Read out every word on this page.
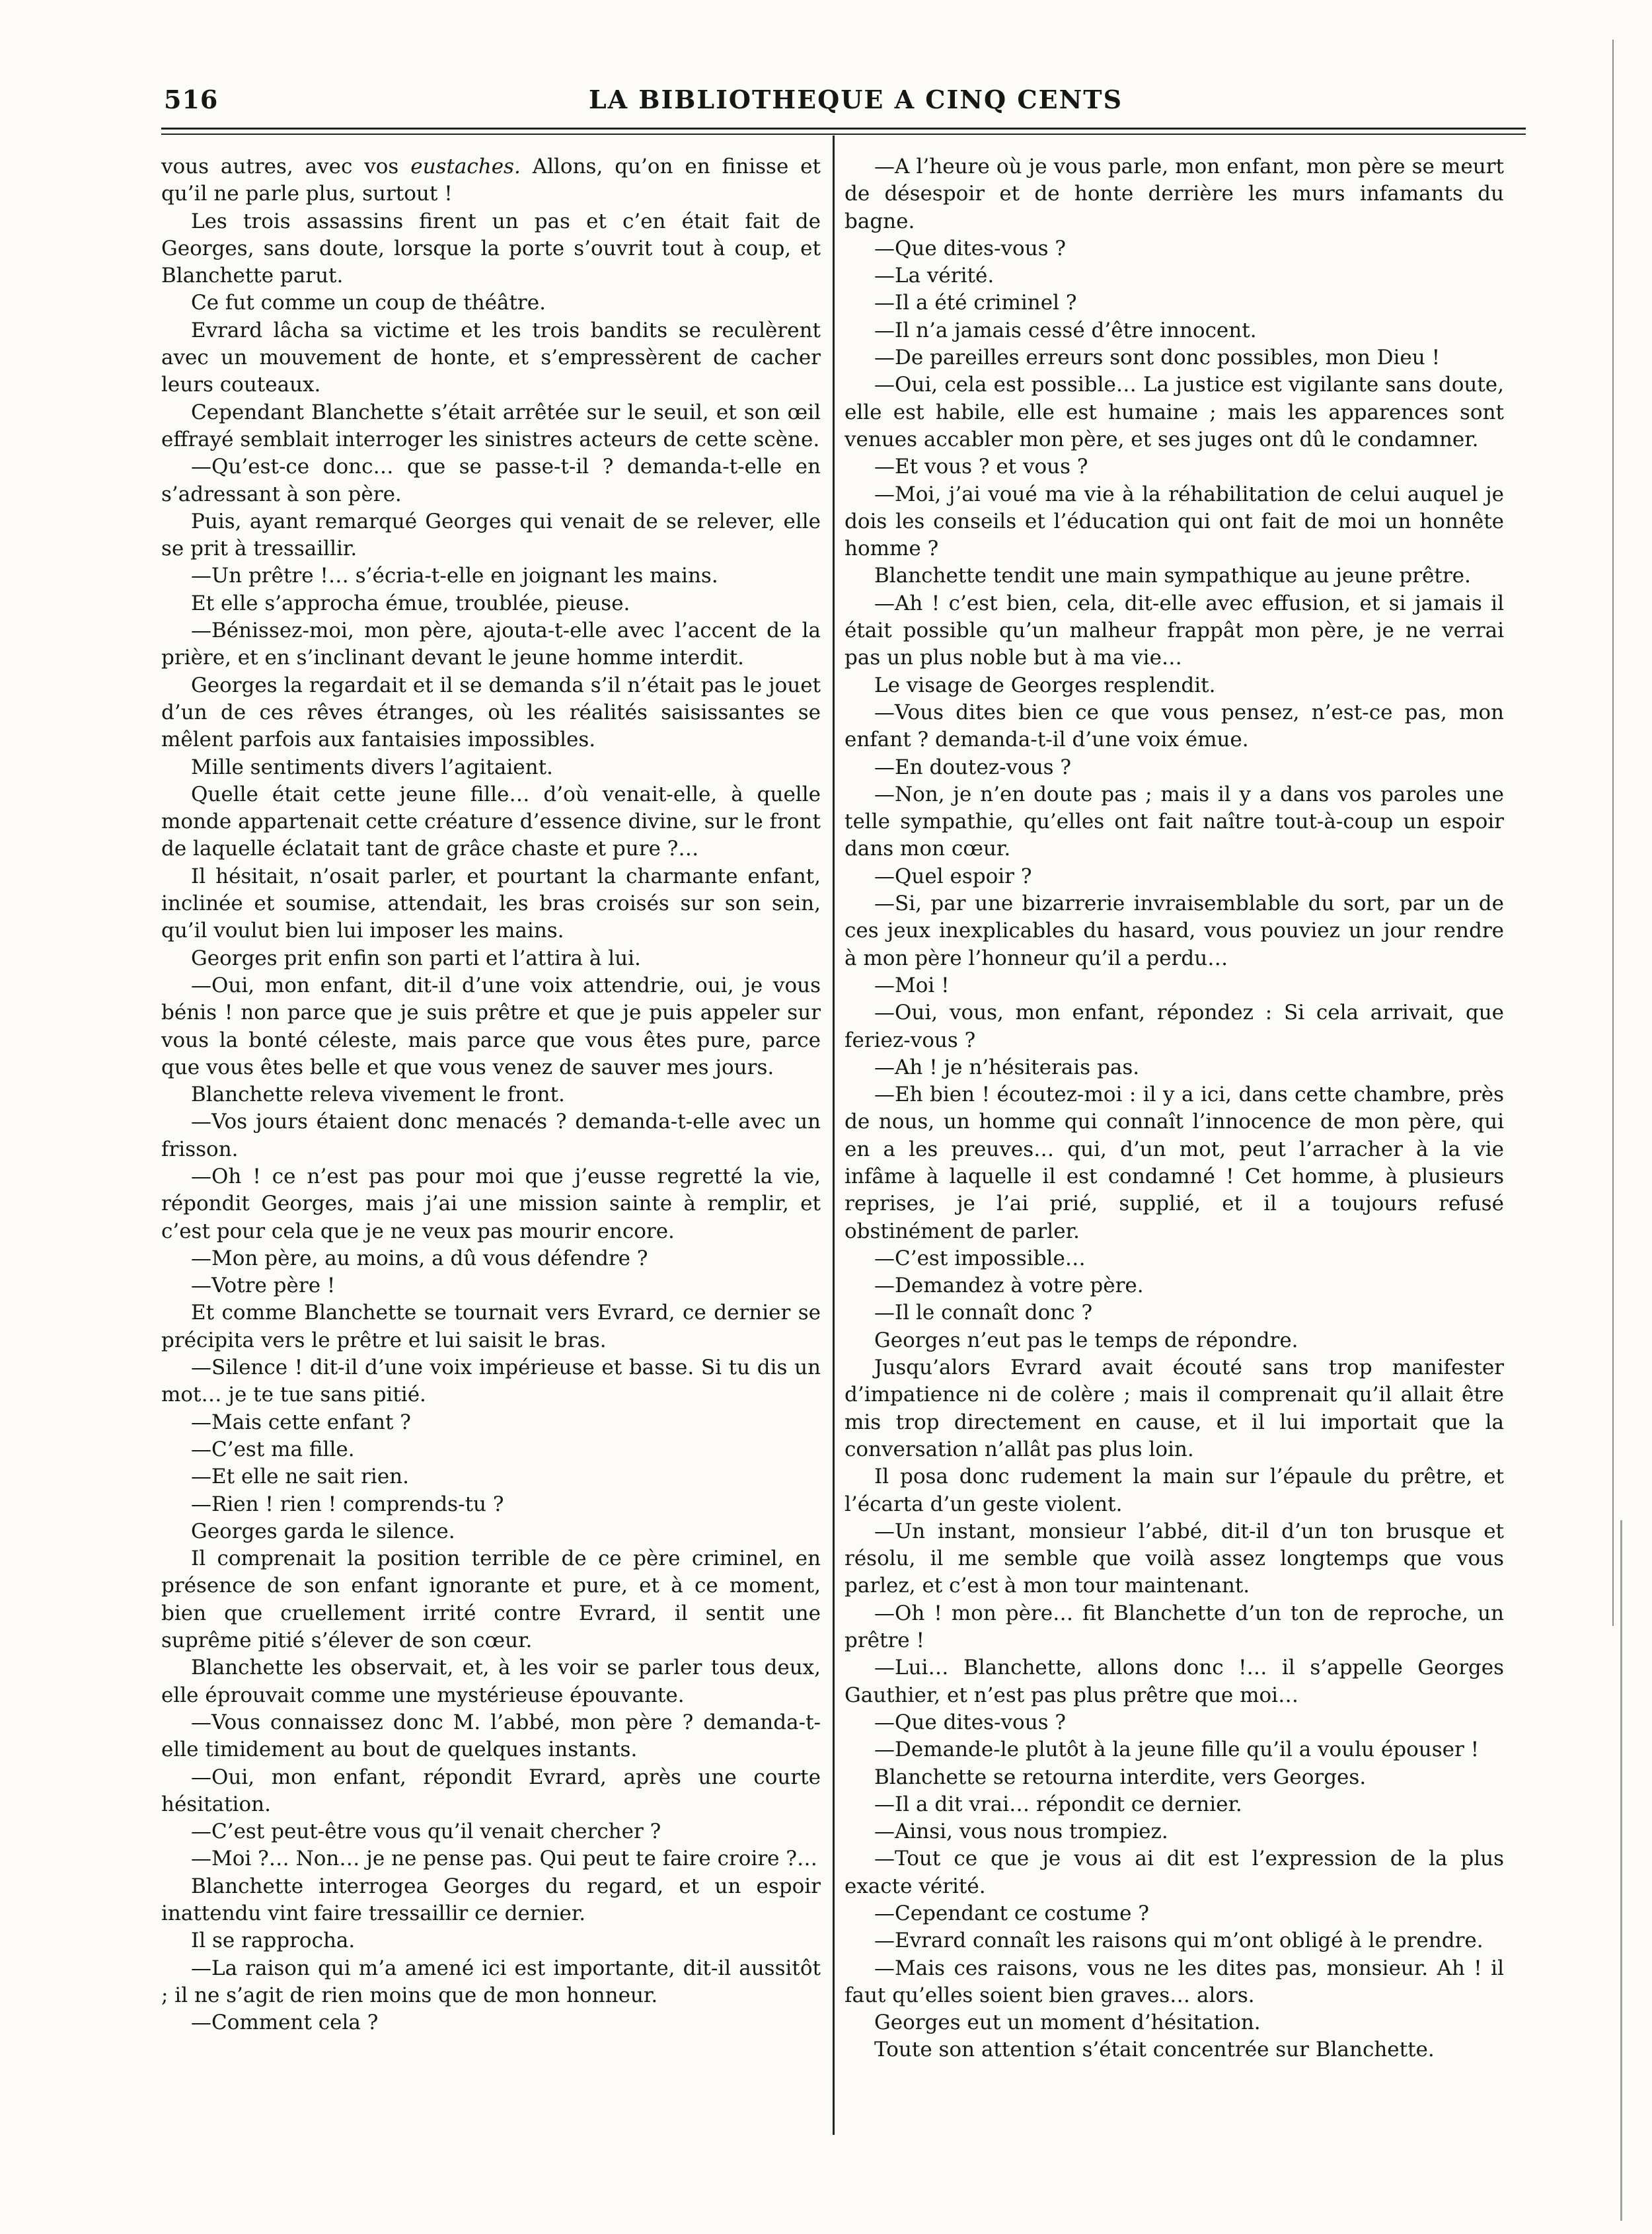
516	LA BIBLIOTHEQUE A CINQ CENTS

vous autres, avec vos eustaches. Allons, qu’on en finisse et qu’il ne parle plus, surtout !

Les trois assassins firent un pas et c’en était fait de Georges, sans doute, lorsque la porte s’ouvrit tout à coup, et Blanchette parut.

Ce fut comme un coup de théâtre.

Evrard lâcha sa victime et les trois bandits se reculèrent avec un mouvement de honte, et s’empressèrent de cacher leurs couteaux.

Cependant Blanchette s’était arrêtée sur le seuil, et son œil effrayé semblait interroger les sinistres acteurs de cette scène.

—Qu’est-ce donc… que se passe-t-il ? demanda-t-elle en s’adressant à son père.

Puis, ayant remarqué Georges qui venait de se relever, elle se prit à tressaillir.

—Un prêtre !… s’écria-t-elle en joignant les mains.

Et elle s’approcha émue, troublée, pieuse.

—Bénissez-moi, mon père, ajouta-t-elle avec l’accent de la prière, et en s’inclinant devant le jeune homme interdit.

Georges la regardait et il se demanda s’il n’était pas le jouet d’un de ces rêves étranges, où les réalités saisissantes se mêlent parfois aux fantaisies impossibles.

Mille sentiments divers l’agitaient.

Quelle était cette jeune fille… d’où venait-elle, à quelle monde appartenait cette créature d’essence divine, sur le front de laquelle éclatait tant de grâce chaste et pure ?…

Il hésitait, n’osait parler, et pourtant la charmante enfant, inclinée et soumise, attendait, les bras croisés sur son sein, qu’il voulut bien lui imposer les mains.

Georges prit enfin son parti et l’attira à lui.

—Oui, mon enfant, dit-il d’une voix attendrie, oui, je vous bénis ! non parce que je suis prêtre et que je puis appeler sur vous la bonté céleste, mais parce que vous êtes pure, parce que vous êtes belle et que vous venez de sauver mes jours.

Blanchette releva vivement le front.

—Vos jours étaient donc menacés ? demanda-t-elle avec un frisson.

—Oh ! ce n’est pas pour moi que j’eusse regretté la vie, répondit Georges, mais j’ai une mission sainte à remplir, et c’est pour cela que je ne veux pas mourir encore.

—Mon père, au moins, a dû vous défendre ?

—Votre père !

Et comme Blanchette se tournait vers Evrard, ce dernier se précipita vers le prêtre et lui saisit le bras.

—Silence ! dit-il d’une voix impérieuse et basse. Si tu dis un mot… je te tue sans pitié.

—Mais cette enfant ?

—C’est ma fille.

—Et elle ne sait rien.

—Rien ! rien ! comprends-tu ?

Georges garda le silence.

Il comprenait la position terrible de ce père criminel, en présence de son enfant ignorante et pure, et à ce moment, bien que cruellement irrité contre Evrard, il sentit une suprême pitié s’élever de son cœur.

Blanchette les observait, et, à les voir se parler tous deux, elle éprouvait comme une mystérieuse épouvante.

—Vous connaissez donc M. l’abbé, mon père ? demanda-t-elle timidement au bout de quelques instants.

—Oui, mon enfant, répondit Evrard, après une courte hésitation.

—C’est peut-être vous qu’il venait chercher ?

—Moi ?… Non… je ne pense pas. Qui peut te faire croire ?…

Blanchette interrogea Georges du regard, et un espoir inattendu vint faire tressaillir ce dernier.

Il se rapprocha.

—La raison qui m’a amené ici est importante, dit-il aussitôt ; il ne s’agit de rien moins que de mon honneur.

—Comment cela ?

—A l’heure où je vous parle, mon enfant, mon père se meurt de désespoir et de honte derrière les murs infamants du bagne.

—Que dites-vous ?

—La vérité.

—Il a été criminel ?

—Il n’a jamais cessé d’être innocent.

—De pareilles erreurs sont donc possibles, mon Dieu !

—Oui, cela est possible… La justice est vigilante sans doute, elle est habile, elle est humaine ; mais les apparences sont venues accabler mon père, et ses juges ont dû le condamner.

—Et vous ? et vous ?

—Moi, j’ai voué ma vie à la réhabilitation de celui auquel je dois les conseils et l’éducation qui ont fait de moi un honnête homme ?

Blanchette tendit une main sympathique au jeune prêtre.

—Ah ! c’est bien, cela, dit-elle avec effusion, et si jamais il était possible qu’un malheur frappât mon père, je ne verrai pas un plus noble but à ma vie…

Le visage de Georges resplendit.

—Vous dites bien ce que vous pensez, n’est-ce pas, mon enfant ? demanda-t-il d’une voix émue.

—En doutez-vous ?

—Non, je n’en doute pas ; mais il y a dans vos paroles une telle sympathie, qu’elles ont fait naître tout-à-coup un espoir dans mon cœur.

—Quel espoir ?

—Si, par une bizarrerie invraisemblable du sort, par un de ces jeux inexplicables du hasard, vous pouviez un jour rendre à mon père l’honneur qu’il a perdu…

—Moi !

—Oui, vous, mon enfant, répondez : Si cela arrivait, que feriez-vous ?

—Ah ! je n’hésiterais pas.

—Eh bien ! écoutez-moi : il y a ici, dans cette chambre, près de nous, un homme qui connaît l’innocence de mon père, qui en a les preuves… qui, d’un mot, peut l’arracher à la vie infâme à laquelle il est condamné ! Cet homme, à plusieurs reprises, je l’ai prié, supplié, et il a toujours refusé obstinément de parler.

—C’est impossible…

—Demandez à votre père.

—Il le connaît donc ?

Georges n’eut pas le temps de répondre.

Jusqu’alors Evrard avait écouté sans trop manifester d’impatience ni de colère ; mais il comprenait qu’il allait être mis trop directement en cause, et il lui importait que la conversation n’allât pas plus loin.

Il posa donc rudement la main sur l’épaule du prêtre, et l’écarta d’un geste violent.

—Un instant, monsieur l’abbé, dit-il d’un ton brusque et résolu, il me semble que voilà assez longtemps que vous parlez, et c’est à mon tour maintenant.

—Oh ! mon père… fit Blanchette d’un ton de reproche, un prêtre !

—Lui… Blanchette, allons donc !… il s’appelle Georges Gauthier, et n’est pas plus prêtre que moi…

—Que dites-vous ?

—Demande-le plutôt à la jeune fille qu’il a voulu épouser !

Blanchette se retourna interdite, vers Georges.

—Il a dit vrai… répondit ce dernier.

—Ainsi, vous nous trompiez.

—Tout ce que je vous ai dit est l’expression de la plus exacte vérité.

—Cependant ce costume ?

—Evrard connaît les raisons qui m’ont obligé à le prendre.

—Mais ces raisons, vous ne les dites pas, monsieur. Ah ! il faut qu’elles soient bien graves… alors.

Georges eut un moment d’hésitation.

Toute son attention s’était concentrée sur Blanchette.
